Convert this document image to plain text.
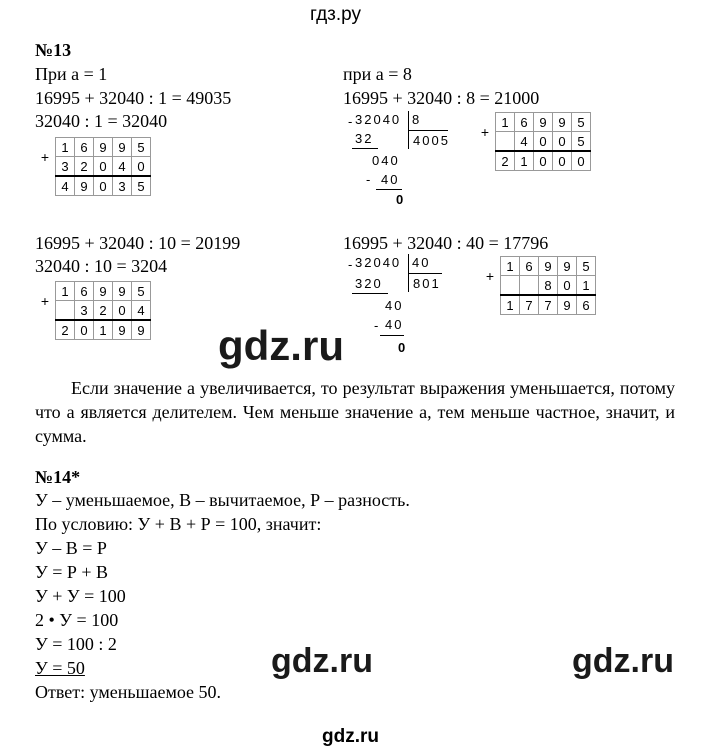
гдз.ру
№13
При а = 1
16995 + 32040 : 1 = 49035
32040 : 1 = 32040
+	1	6	9	9	5
	3	2	0	4	0
	4	9	0	3	5
при а = 8
16995 + 32040 : 8 = 21000
- 32040 8
32	4005
040
- 40
0
+	1	6	9	9	5
		4	0	0	5
	2	1	0	0	0
16995 + 32040 : 10 = 20199
32040 : 10 = 3204
+	1	6	9	9	5
		3	2	0	4
	2	0	1	9	9
16995 + 32040 : 40 = 17796
- 32040 40
320 801
40
- 40
0
+	1	6	9	9	5
			8	0	1
	1	7	7	9	6
gdz.ru
Если значение а увеличивается, то результат выражения уменьшается, потому что а является делителем. Чем меньше значение а, тем меньше частное, значит, и сумма.
№14*
У – уменьшаемое, В – вычитаемое, Р – разность.
По условию: У + В + Р = 100, значит:
У – В = Р
У = Р + В
У + У = 100
2 • У = 100
У = 100 : 2
У = 50
Ответ: уменьшаемое 50.
gdz.ru	gdz.ru
gdz.ru
